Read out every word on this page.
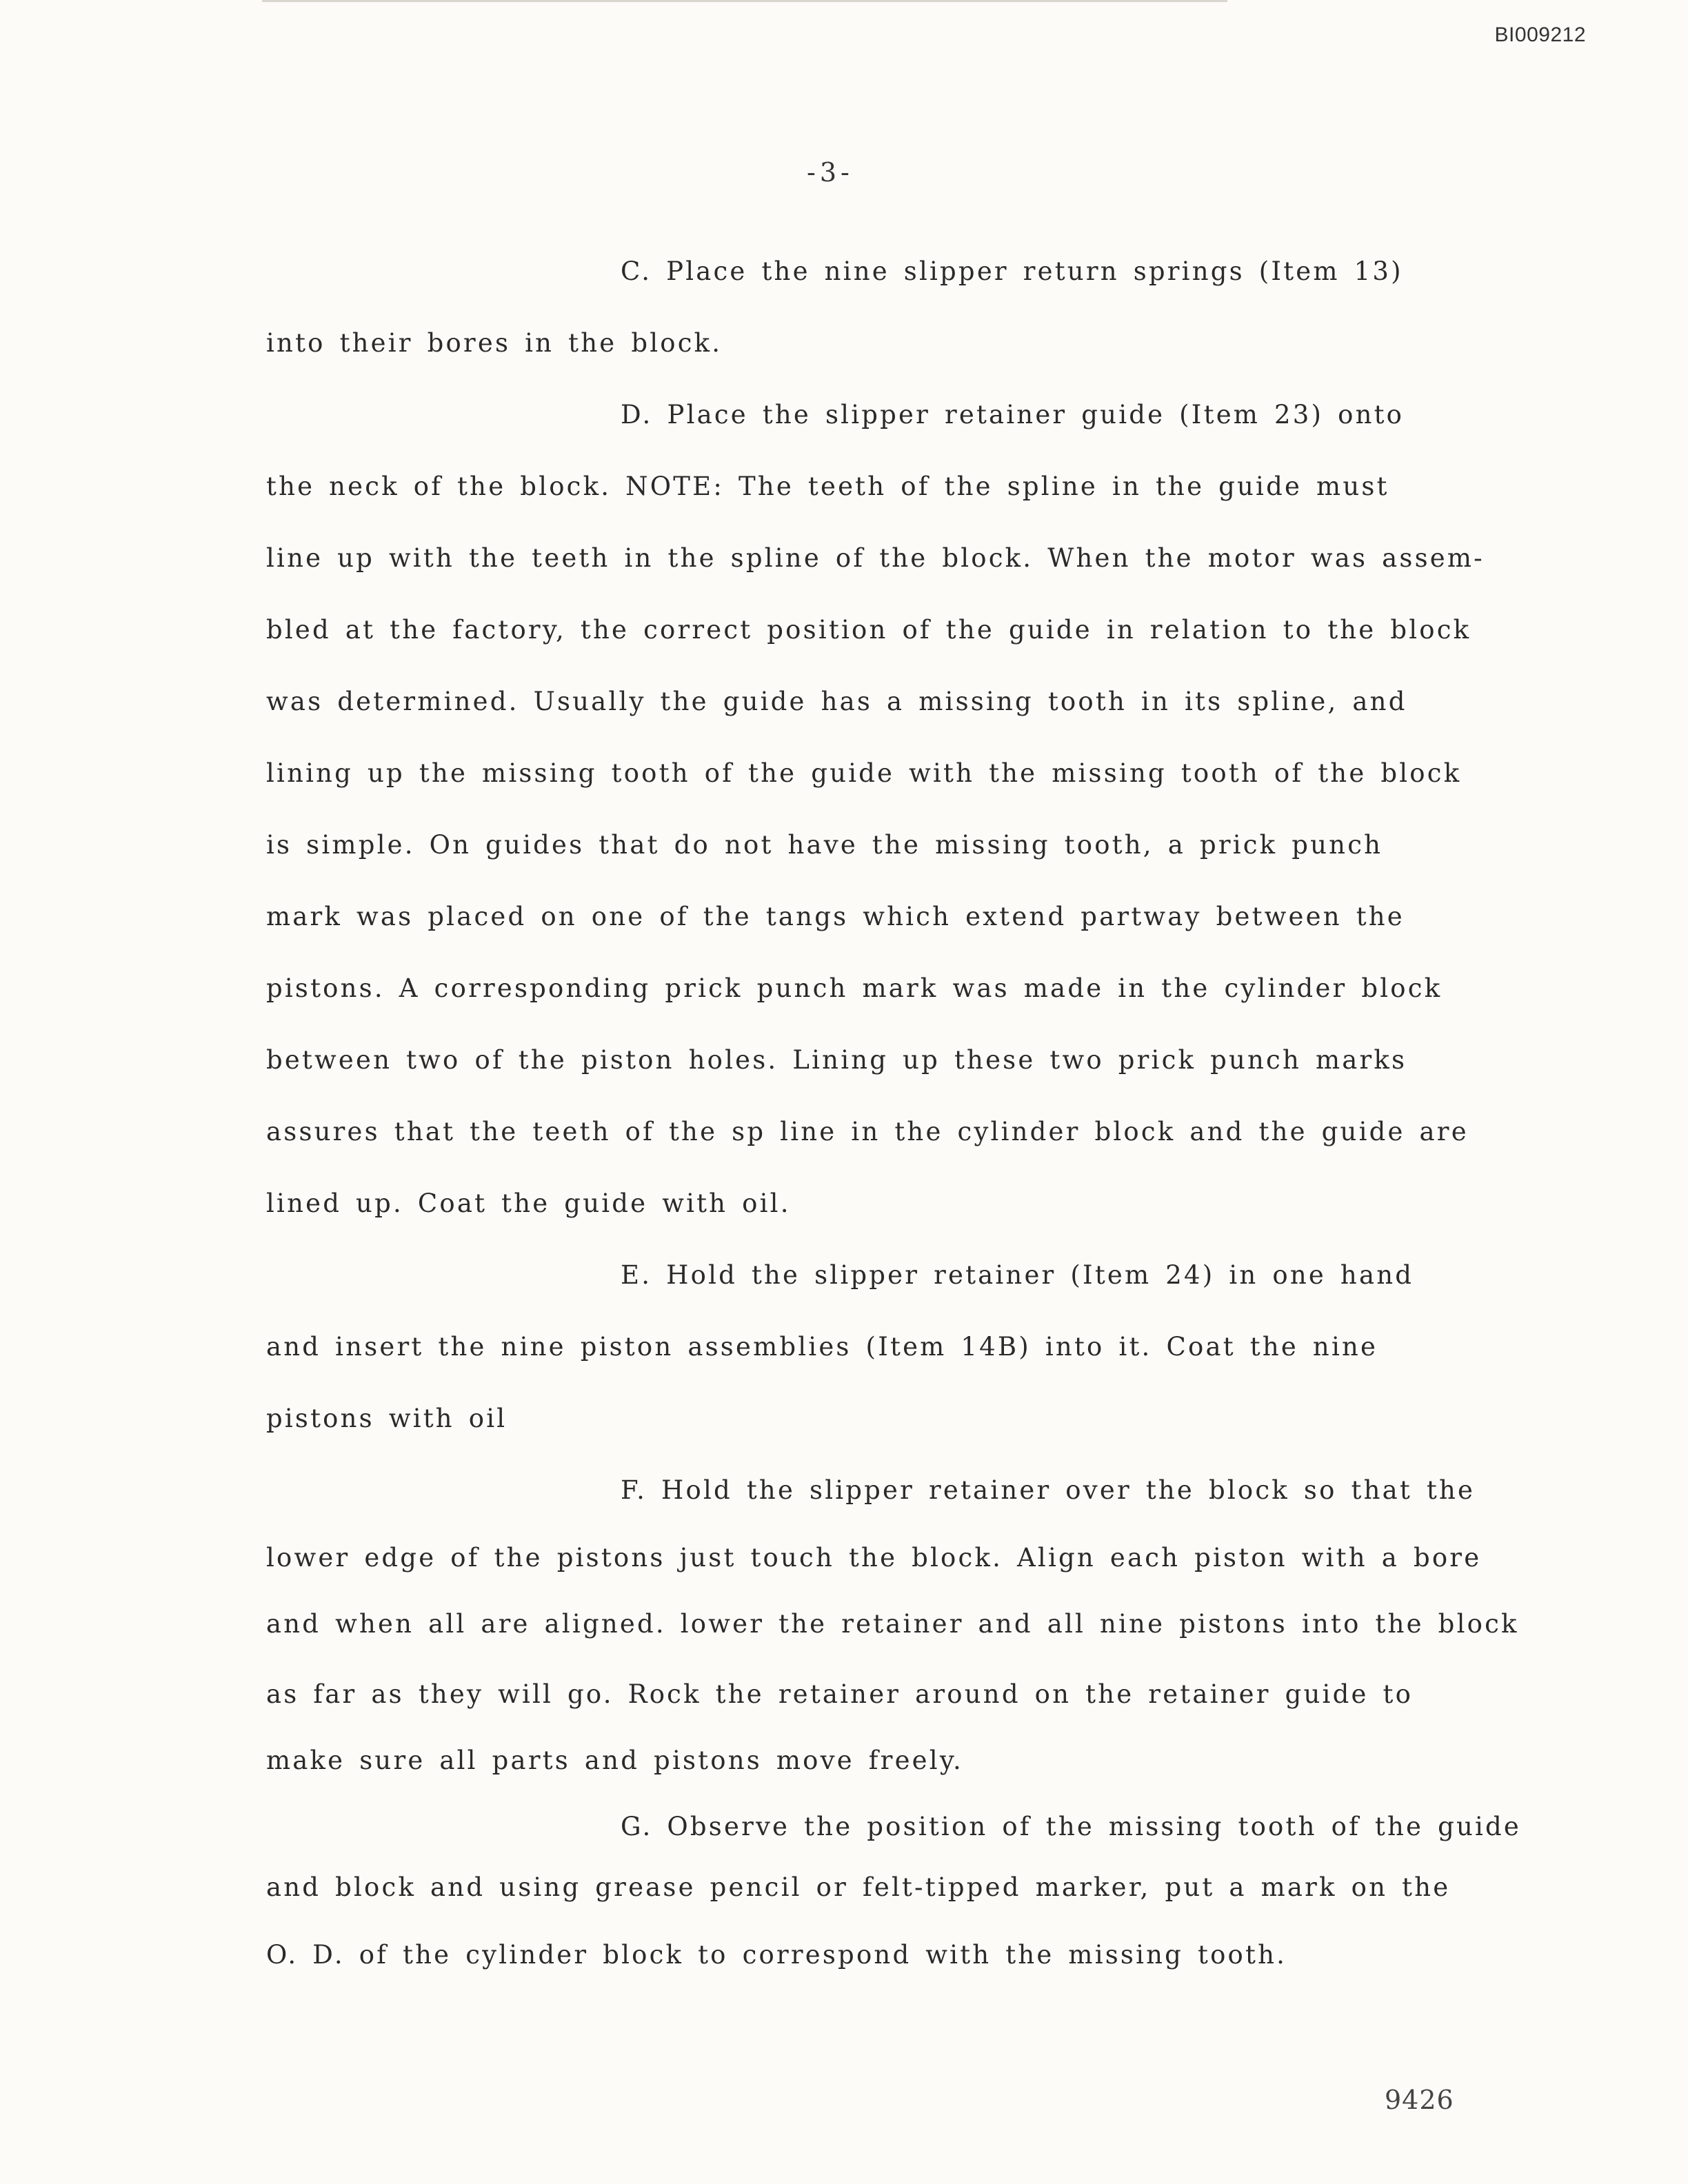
BI009212
-3-
C. Place the nine slipper return springs (Item 13)
into their bores in the block.
D. Place the slipper retainer guide (Item 23) onto
the neck of the block. NOTE: The teeth of the spline in the guide must
line up with the teeth in the spline of the block. When the motor was assem-
bled at the factory, the correct position of the guide in relation to the block
was determined. Usually the guide has a missing tooth in its spline, and
lining up the missing tooth of the guide with the missing tooth of the block
is simple. On guides that do not have the missing tooth, a prick punch
mark was placed on one of the tangs which extend partway between the
pistons. A corresponding prick punch mark was made in the cylinder block
between two of the piston holes. Lining up these two prick punch marks
assures that the teeth of the sp line in the cylinder block and the guide are
lined up. Coat the guide with oil.
E. Hold the slipper retainer (Item 24) in one hand
and insert the nine piston assemblies (Item 14B) into it. Coat the nine
pistons with oil
F. Hold the slipper retainer over the block so that the
lower edge of the pistons just touch the block. Align each piston with a bore
and when all are aligned. lower the retainer and all nine pistons into the block
as far as they will go. Rock the retainer around on the retainer guide to
make sure all parts and pistons move freely.
G. Observe the position of the missing tooth of the guide
and block and using grease pencil or felt-tipped marker, put a mark on the
O. D. of the cylinder block to correspond with the missing tooth.
9426
